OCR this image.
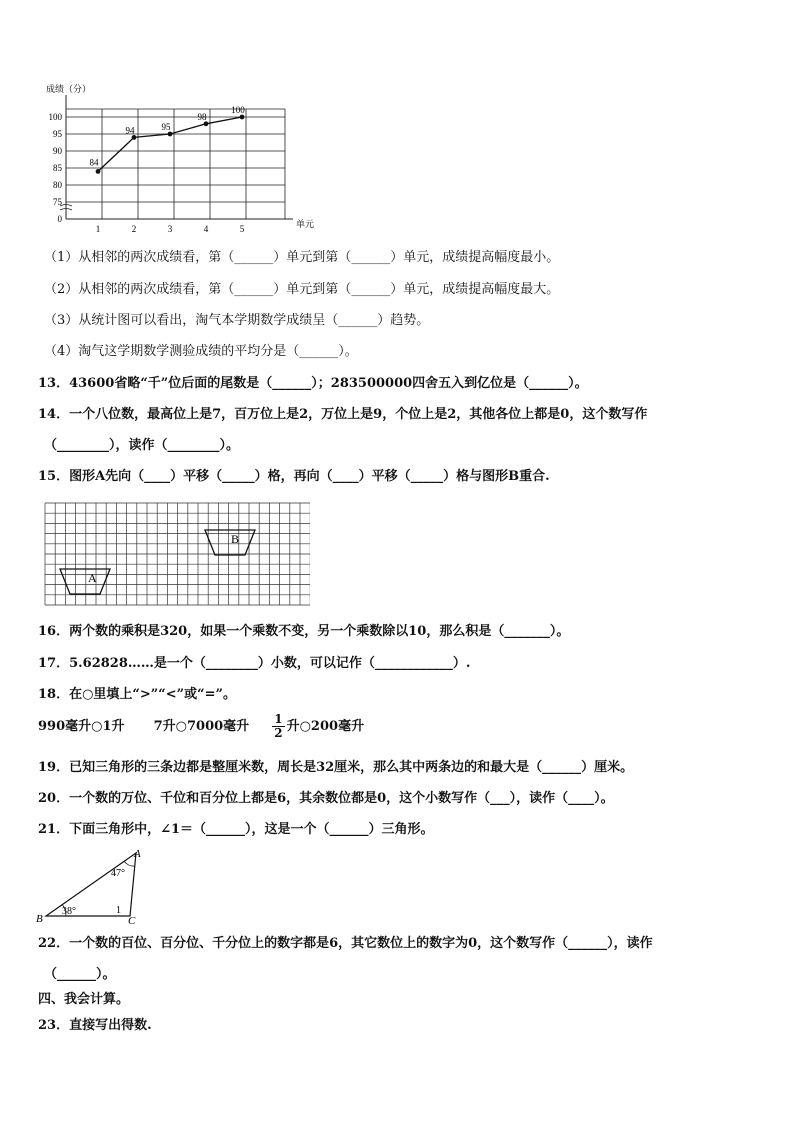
成绩（分）
单元
100
95
90
85
80
75
0
1	2	3	4	5
84
94	95
98
100
（1）从相邻的两次成绩看，第（______）单元到第（______）单元，成绩提高幅度最小。
（2）从相邻的两次成绩看，第（______）单元到第（______）单元，成绩提高幅度最大。
（3）从统计图可以看出，淘气本学期数学成绩呈（______）趋势。
（4）淘气这学期数学测验成绩的平均分是（______）。
13．43600省略“千”位后面的尾数是（______）；283500000四舍五入到亿位是（______）。
14．一个八位数，最高位上是7，百万位上是2，万位上是9，个位上是2，其他各位上都是0，这个数写作
（________），读作（________）。
15．图形A先向（____）平移（_____）格，再向（____）平移（_____）格与图形B重合.
A
B
16．两个数的乘积是320，如果一个乘数不变，另一个乘数除以10，那么积是（_______）。
17．5.62828……是一个（________）小数，可以记作（____________）.
18．在○里填上“>”“<”或“=”。
990毫升○1升 7升○7000毫升 $\frac{1}{2}$ 升○200毫升
19．已知三角形的三条边都是整厘米数，周长是32厘米，那么其中两条边的和最大是（______）厘米。
20．一个数的万位、千位和百分位上都是6，其余数位都是0，这个小数写作（___），读作（____）。
21．下面三角形中，∠1＝（______），这是一个（______）三角形。
A
B	C
47°
38°	1
22．一个数的百位、百分位、千分位上的数字都是6，其它数位上的数字为0，这个数写作（______），读作
（______）。
四、我会计算。
23．直接写出得数.
